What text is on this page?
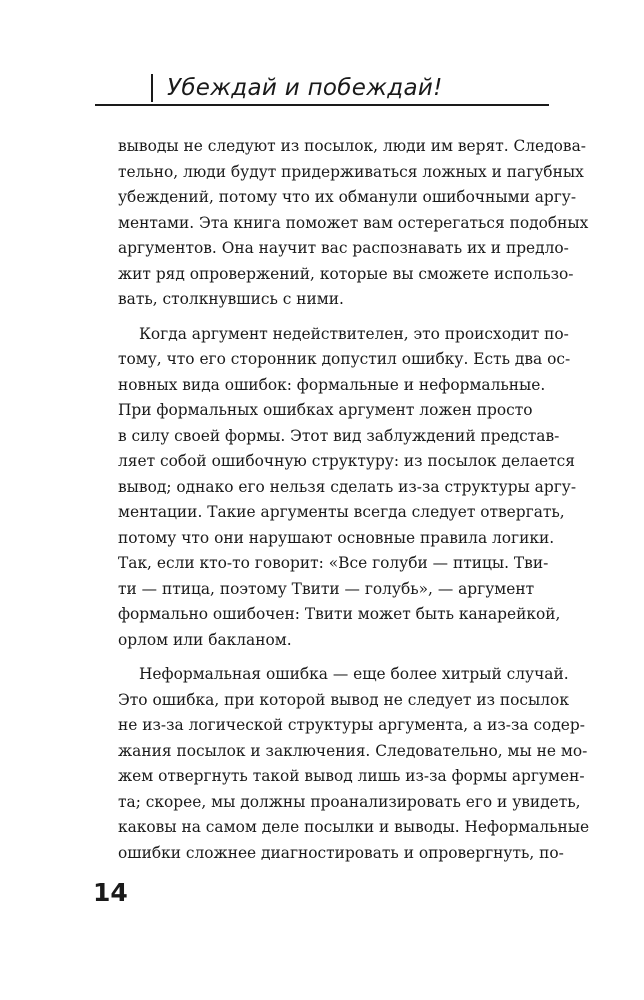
Убеждай и побеждай!
выводы не следуют из посылок, люди им верят. Следова-
тельно, люди будут придерживаться ложных и пагубных
убеждений, потому что их обманули ошибочными аргу-
ментами. Эта книга поможет вам остерегаться подобных
аргументов. Она научит вас распознавать их и предло-
жит ряд опровержений, которые вы сможете использо-
вать, столкнувшись с ними.
Когда аргумент недействителен, это происходит по-
тому, что его сторонник допустил ошибку. Есть два ос-
новных вида ошибок: формальные и неформальные.
При формальных ошибках аргумент ложен просто
в силу своей формы. Этот вид заблуждений представ-
ляет собой ошибочную структуру: из посылок делается
вывод; однако его нельзя сделать из-за структуры аргу-
ментации. Такие аргументы всегда следует отвергать,
потому что они нарушают основные правила логики.
Так, если кто-то говорит: «Все голуби — птицы. Тви-
ти — птица, поэтому Твити — голубь», — аргумент
формально ошибочен: Твити может быть канарейкой,
орлом или бакланом.
Неформальная ошибка — еще более хитрый случай.
Это ошибка, при которой вывод не следует из посылок
не из-за логической структуры аргумента, а из-за содер-
жания посылок и заключения. Следовательно, мы не мо-
жем отвергнуть такой вывод лишь из-за формы аргумен-
та; скорее, мы должны проанализировать его и увидеть,
каковы на самом деле посылки и выводы. Неформальные
ошибки сложнее диагностировать и опровергнуть, по-
14
